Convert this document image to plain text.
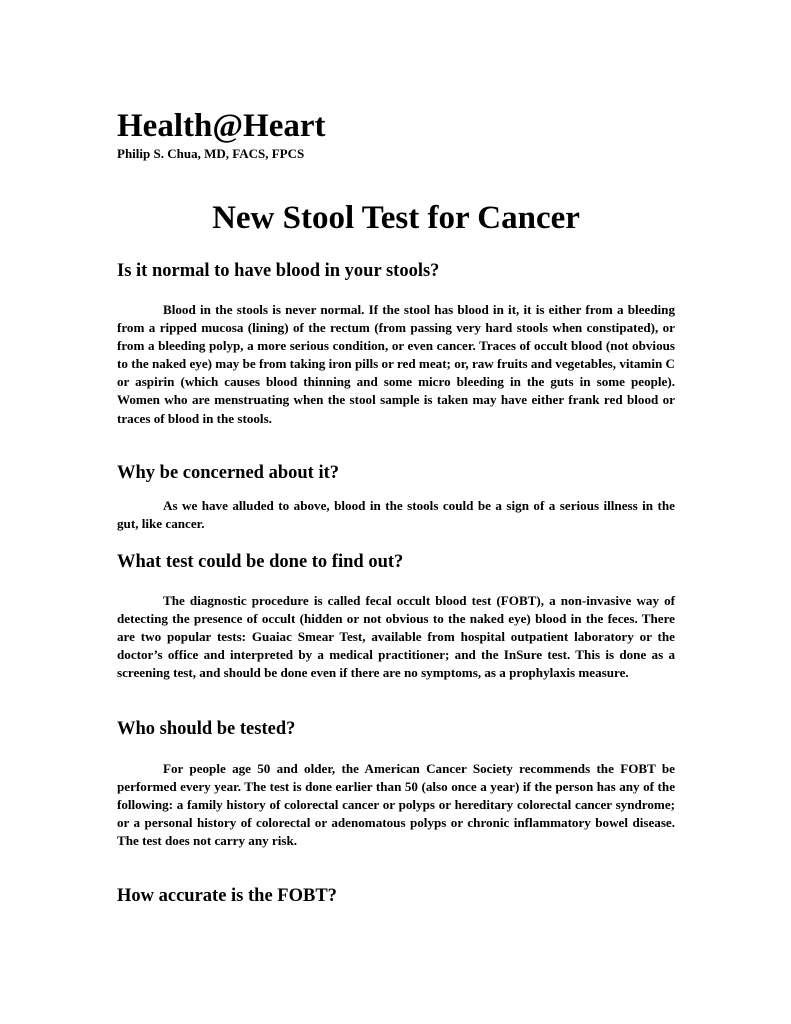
Health@Heart
Philip S. Chua, MD, FACS, FPCS
New Stool Test for Cancer
Is it normal to have blood in your stools?

Blood in the stools is never normal. If the stool has blood in it, it is either from a bleeding from a ripped mucosa (lining) of the rectum (from passing very hard stools when constipated), or from a bleeding polyp, a more serious condition, or even cancer. Traces of occult blood (not obvious to the naked eye) may be from taking iron pills or red meat; or, raw fruits and vegetables, vitamin C or aspirin (which causes blood thinning and some micro bleeding in the guts in some people). Women who are menstruating when the stool sample is taken may have either frank red blood or traces of blood in the stools.

Why be concerned about it?

As we have alluded to above, blood in the stools could be a sign of a serious illness in the gut, like cancer.

What test could be done to find out?

The diagnostic procedure is called fecal occult blood test (FOBT), a non-invasive way of detecting the presence of occult (hidden or not obvious to the naked eye) blood in the feces. There are two popular tests: Guaiac Smear Test, available from hospital outpatient laboratory or the doctor’s office and interpreted by a medical practitioner; and the InSure test. This is done as a screening test, and should be done even if there are no symptoms, as a prophylaxis measure.

Who should be tested?

For people age 50 and older, the American Cancer Society recommends the FOBT be performed every year. The test is done earlier than 50 (also once a year) if the person has any of the following: a family history of colorectal cancer or polyps or hereditary colorectal cancer syndrome; or a personal history of colorectal or adenomatous polyps or chronic inflammatory bowel disease. The test does not carry any risk.

How accurate is the FOBT?
